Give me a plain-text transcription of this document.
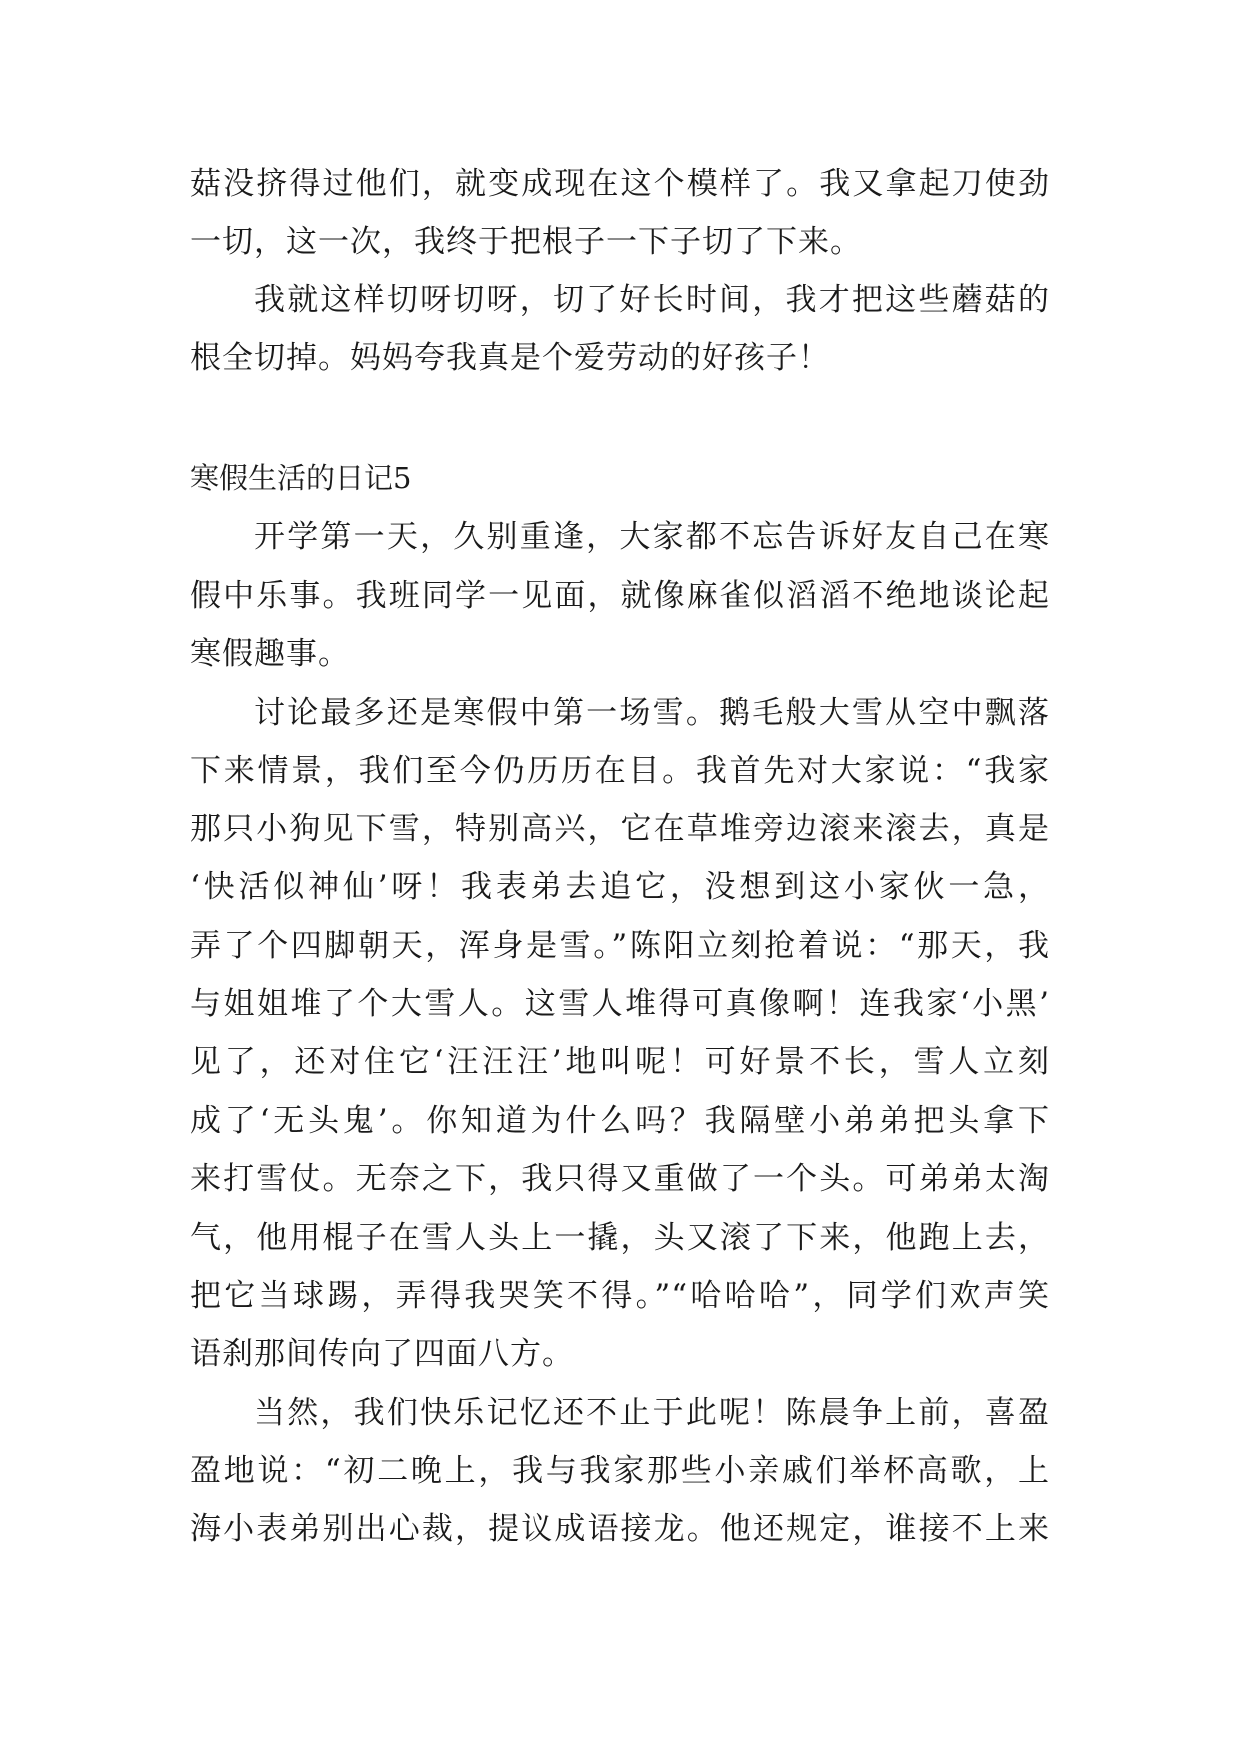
菇没挤得过他们，就变成现在这个模样了。我又拿起刀使劲
一切，这一次，我终于把根子一下子切了下来。
我就这样切呀切呀，切了好长时间，我才把这些蘑菇的
根全切掉。妈妈夸我真是个爱劳动的好孩子！
寒假生活的日记5
开学第一天，久别重逢，大家都不忘告诉好友自己在寒
假中乐事。我班同学一见面，就像麻雀似滔滔不绝地谈论起
寒假趣事。
讨论最多还是寒假中第一场雪。鹅毛般大雪从空中飘落
下来情景，我们至今仍历历在目。我首先对大家说：“我家
那只小狗见下雪，特别高兴，它在草堆旁边滚来滚去，真是
‘快活似神仙’呀！我表弟去追它，没想到这小家伙一急，
弄了个四脚朝天，浑身是雪。”陈阳立刻抢着说：“那天，我
与姐姐堆了个大雪人。这雪人堆得可真像啊！连我家‘小黑’
见了，还对住它‘汪汪汪’地叫呢！可好景不长，雪人立刻
成了‘无头鬼’。你知道为什么吗？我隔壁小弟弟把头拿下
来打雪仗。无奈之下，我只得又重做了一个头。可弟弟太淘
气，他用棍子在雪人头上一撬，头又滚了下来，他跑上去，
把它当球踢，弄得我哭笑不得。”“哈哈哈”，同学们欢声笑
语刹那间传向了四面八方。
当然，我们快乐记忆还不止于此呢！陈晨争上前，喜盈
盈地说：“初二晚上，我与我家那些小亲戚们举杯高歌，上
海小表弟别出心裁，提议成语接龙。他还规定，谁接不上来
